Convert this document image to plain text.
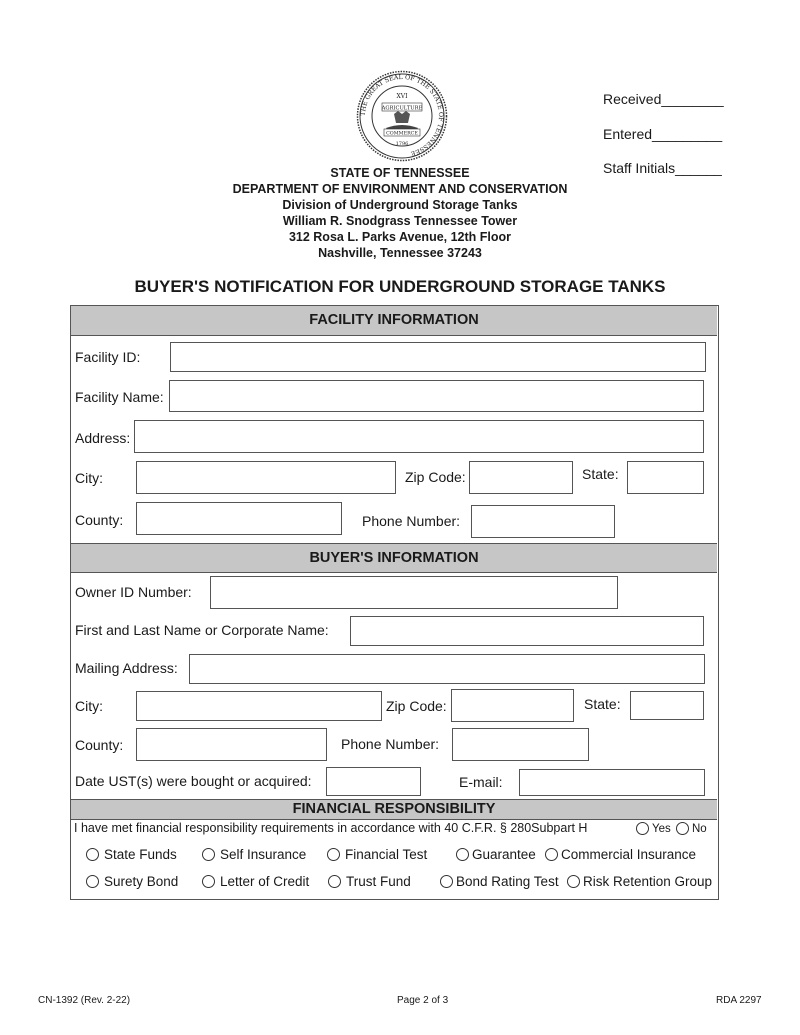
THE GREAT SEAL OF THE STATE OF TENNESSEE
XVI
AGRICULTURE
COMMERCE
1796
Received________
Entered_________
Staff Initials______
STATE OF TENNESSEE
DEPARTMENT OF ENVIRONMENT AND CONSERVATION
Division of Underground Storage Tanks
William R. Snodgrass Tennessee Tower
312 Rosa L. Parks Avenue, 12th Floor
Nashville, Tennessee 37243
BUYER'S NOTIFICATION FOR UNDERGROUND STORAGE TANKS
FACILITY INFORMATION
Facility ID:
Facility Name:
Address:
City:	Zip Code:	State:
County:	Phone Number:
BUYER'S INFORMATION
Owner ID Number:
First and Last Name or Corporate Name:
Mailing Address:
City:	Zip Code:	State:
County:	Phone Number:
Date UST(s) were bought or acquired:	E-mail:
FINANCIAL RESPONSIBILITY
I have met financial responsibility requirements in accordance with 40 C.F.R. § 280Subpart H	Yes No
State Funds	Self Insurance	Financial Test	Guarantee Commercial Insurance
Surety Bond	Letter of Credit	Trust Fund	Bond Rating Test Risk Retention Group
CN-1392 (Rev. 2-22)	Page 2 of 3	RDA 2297
